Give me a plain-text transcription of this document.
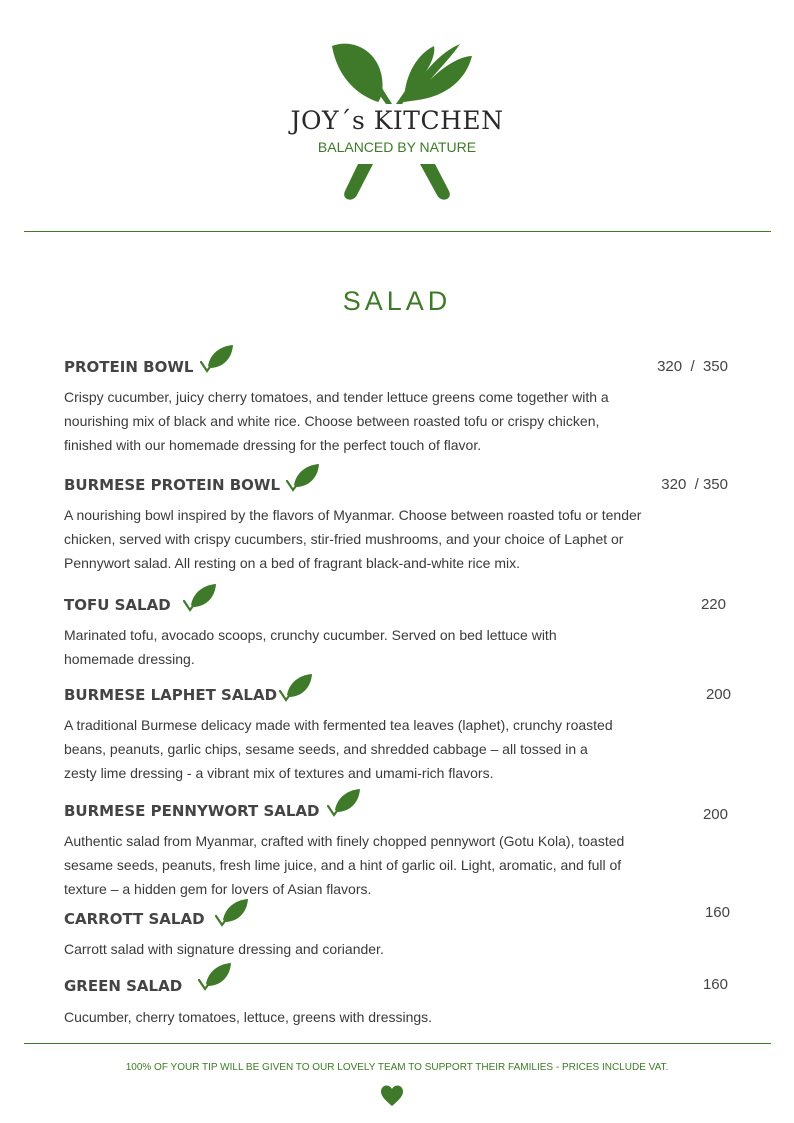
JOY´s KITCHEN
BALANCED BY NATURE
SALAD
PROTEIN BOWL	320  /  350
Crispy cucumber, juicy cherry tomatoes, and tender lettuce greens come together with a nourishing mix of black and white rice. Choose between roasted tofu or crispy chicken, finished with our homemade dressing for the perfect touch of flavor.
BURMESE PROTEIN BOWL	320  / 350
A nourishing bowl inspired by the flavors of Myanmar. Choose between roasted tofu or tender chicken, served with crispy cucumbers, stir-fried mushrooms, and your choice of Laphet or Pennywort salad. All resting on a bed of fragrant black-and-white rice mix.
TOFU SALAD	220
Marinated tofu, avocado scoops, crunchy cucumber. Served on bed lettuce with homemade dressing.
BURMESE LAPHET SALAD	200
A traditional Burmese delicacy made with fermented tea leaves (laphet), crunchy roasted beans, peanuts, garlic chips, sesame seeds, and shredded cabbage – all tossed in a zesty lime dressing - a vibrant mix of textures and umami-rich flavors.
BURMESE PENNYWORT SALAD	200
Authentic salad from Myanmar, crafted with finely chopped pennywort (Gotu Kola), toasted sesame seeds, peanuts, fresh lime juice, and a hint of garlic oil. Light, aromatic, and full of texture – a hidden gem for lovers of Asian flavors.
CARROTT SALAD	160
Carrott salad with signature dressing and coriander.
GREEN SALAD	160
Cucumber, cherry tomatoes, lettuce, greens with dressings.
100% OF YOUR TIP WILL BE GIVEN TO OUR LOVELY TEAM TO SUPPORT THEIR FAMILIES - PRICES INCLUDE VAT.
